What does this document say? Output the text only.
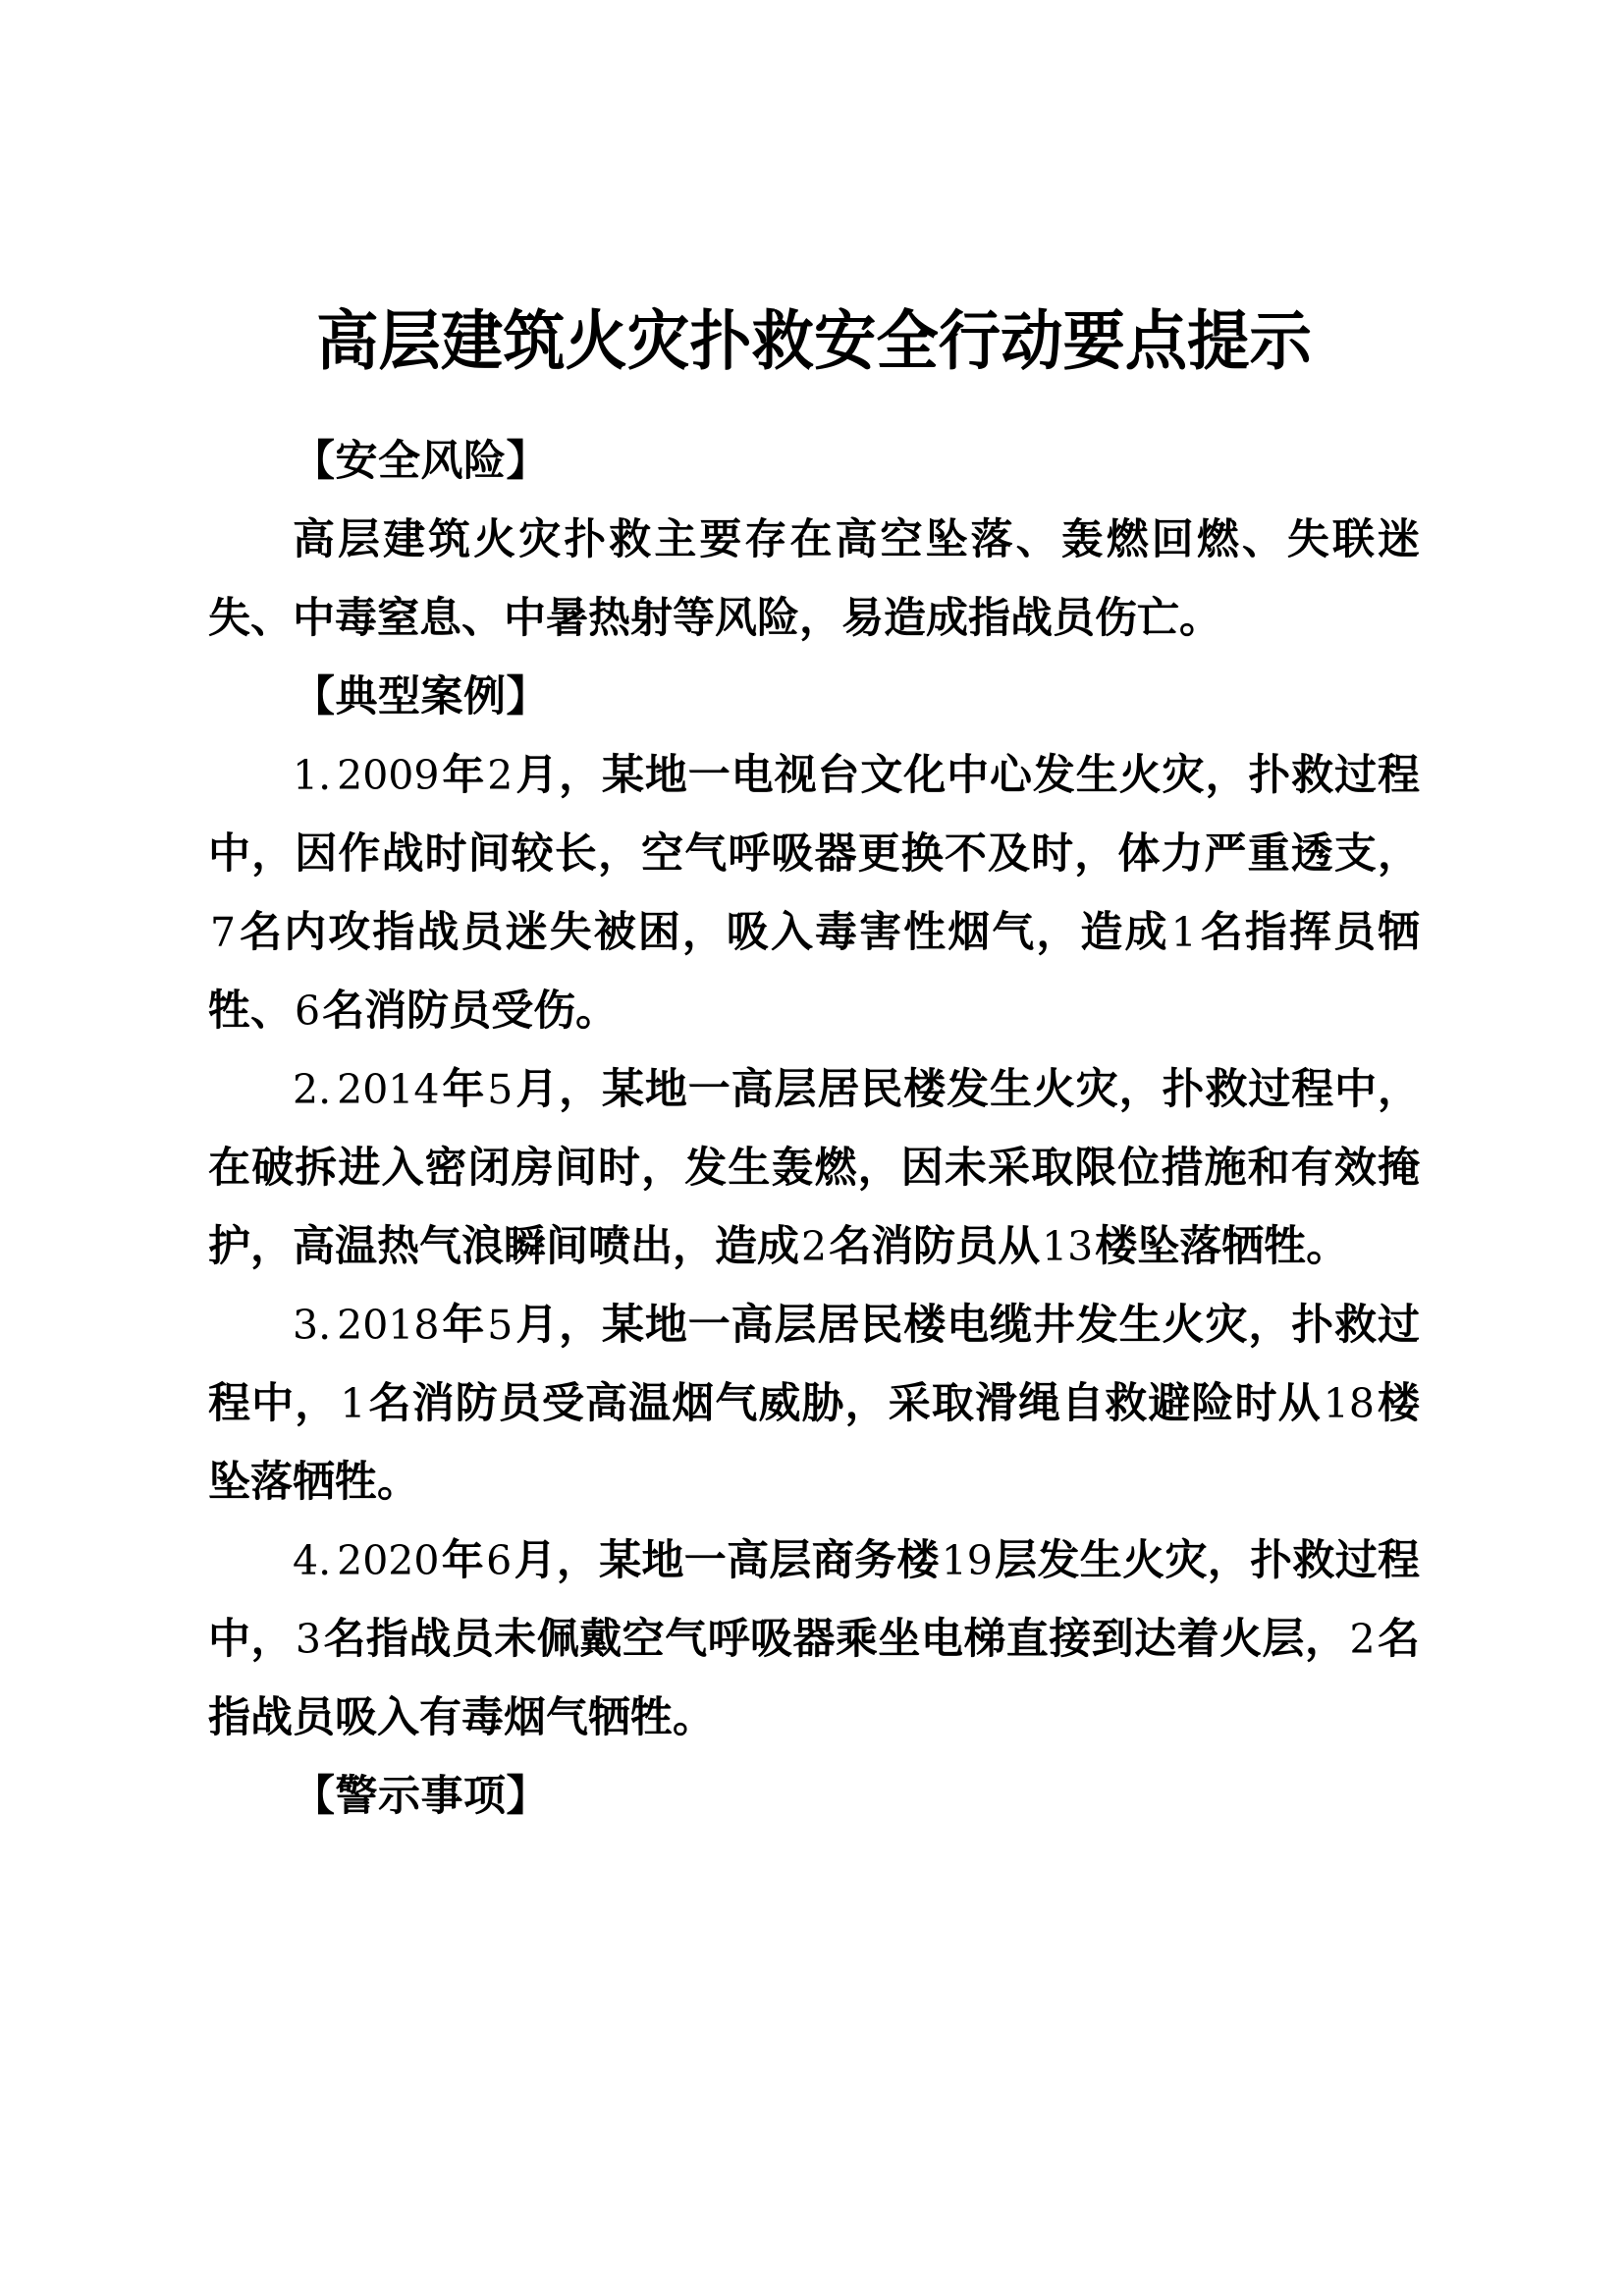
高层建筑火灾扑救安全行动要点提示

【安全风险】

高层建筑火灾扑救主要存在高空坠落、轰燃回燃、失联迷失、中毒窒息、中暑热射等风险，易造成指战员伤亡。

【典型案例】

1. 2009年2月，某地一电视台文化中心发生火灾，扑救过程中，因作战时间较长，空气呼吸器更换不及时，体力严重透支，7名内攻指战员迷失被困，吸入毒害性烟气，造成1名指挥员牺牲、6名消防员受伤。

2. 2014年5月，某地一高层居民楼发生火灾，扑救过程中，在破拆进入密闭房间时，发生轰燃，因未采取限位措施和有效掩护，高温热气浪瞬间喷出，造成2名消防员从13楼坠落牺牲。

3. 2018年5月，某地一高层居民楼电缆井发生火灾，扑救过程中，1名消防员受高温烟气威胁，采取滑绳自救避险时从18楼坠落牺牲。

4. 2020年6月，某地一高层商务楼19层发生火灾，扑救过程中，3名指战员未佩戴空气呼吸器乘坐电梯直接到达着火层，2名指战员吸入有毒烟气牺牲。

【警示事项】
